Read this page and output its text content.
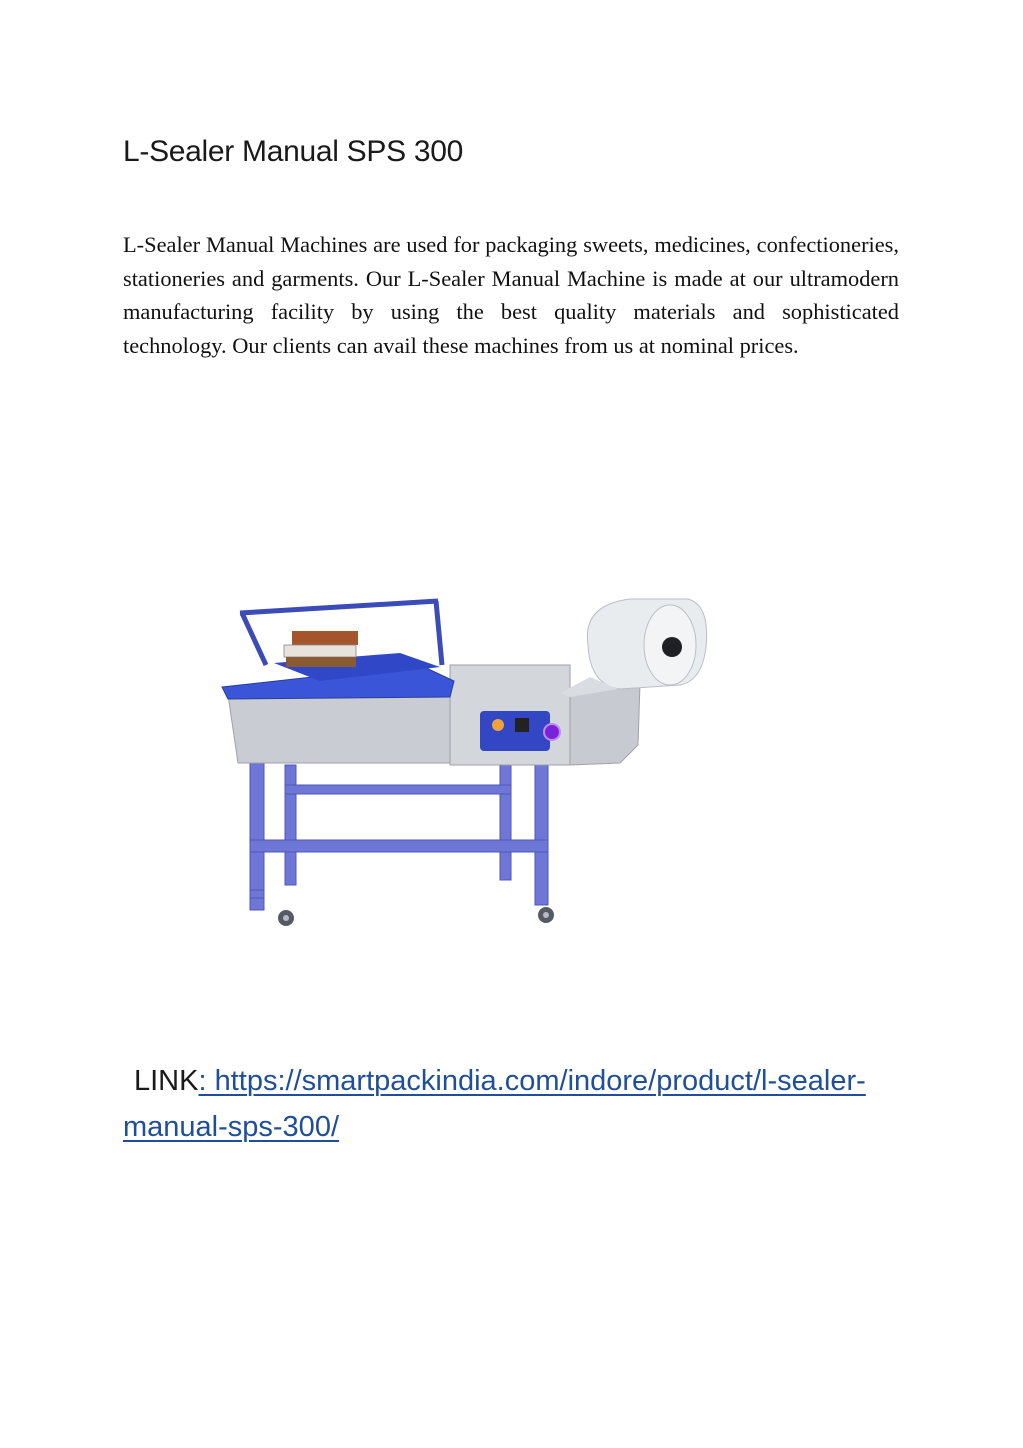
L-Sealer Manual SPS 300

L-Sealer Manual Machines are used for packaging sweets, medicines, confectioneries, stationeries and garments. Our L-Sealer Manual Machine is made at our ultramodern manufacturing facility by using the best quality materials and sophisticated technology. Our clients can avail these machines from us at nominal prices.

LINK: https://smartpackindia.com/indore/product/l-sealer-manual-sps-300/
